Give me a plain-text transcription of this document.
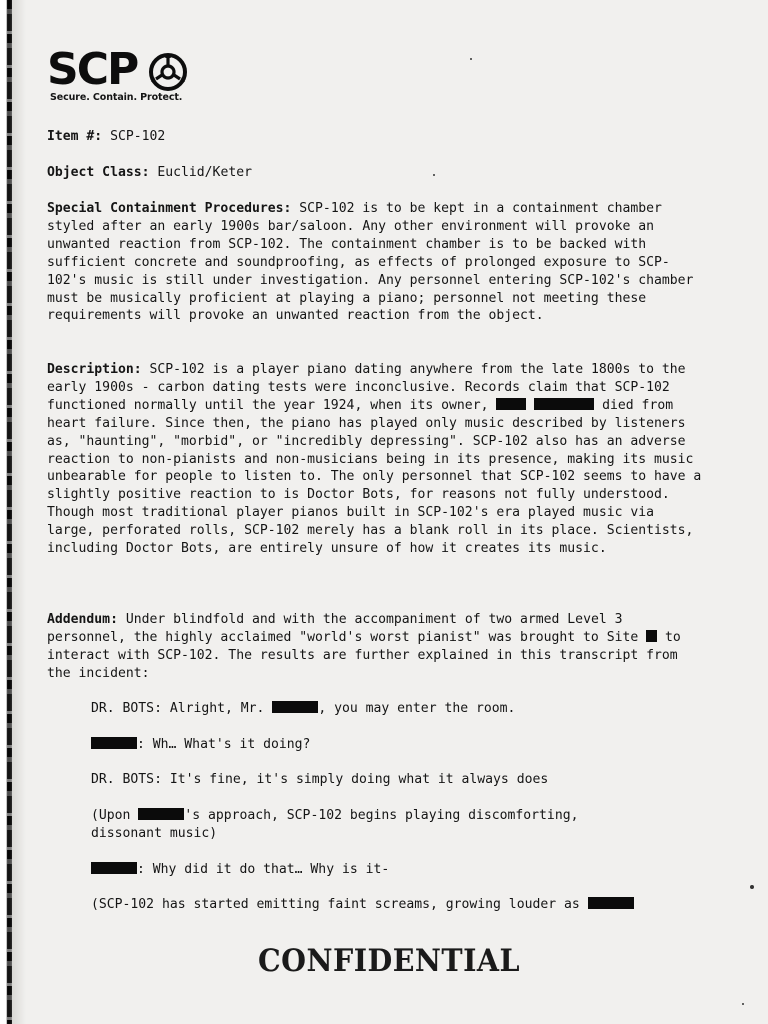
SCP
Secure. Contain. Protect.

Item #: SCP-102

Object Class: Euclid/Keter

Special Containment Procedures: SCP-102 is to be kept in a containment chamber styled after an early 1900s bar/saloon. Any other environment will provoke an unwanted reaction from SCP-102. The containment chamber is to be backed with sufficient concrete and soundproofing, as effects of prolonged exposure to SCP-102's music is still under investigation. Any personnel entering SCP-102's chamber must be musically proficient at playing a piano; personnel not meeting these requirements will provoke an unwanted reaction from the object.

Description: SCP-102 is a player piano dating anywhere from the late 1800s to the early 1900s - carbon dating tests were inconclusive. Records claim that SCP-102 functioned normally until the year 1924, when its owner,	died from heart failure. Since then, the piano has played only music described by listeners as, "haunting", "morbid", or "incredibly depressing". SCP-102 also has an adverse reaction to non-pianists and non-musicians being in its presence, making its music unbearable for people to listen to. The only personnel that SCP-102 seems to have a slightly positive reaction to is Doctor Bots, for reasons not fully understood. Though most traditional player pianos built in SCP-102's era played music via large, perforated rolls, SCP-102 merely has a blank roll in its place. Scientists, including Doctor Bots, are entirely unsure of how it creates its music.

Addendum: Under blindfold and with the accompaniment of two armed Level 3 personnel, the highly acclaimed "world's worst pianist" was brought to Site to interact with SCP-102. The results are further explained in this transcript from the incident:

DR. BOTS: Alright, Mr.	, you may enter the room.

: Wh… What's it doing?

DR. BOTS: It's fine, it's simply doing what it always does

(Upon	's approach, SCP-102 begins playing discomforting, dissonant music)

: Why did it do that… Why is it-

(SCP-102 has started emitting faint screams, growing louder as

CONFIDENTIAL
